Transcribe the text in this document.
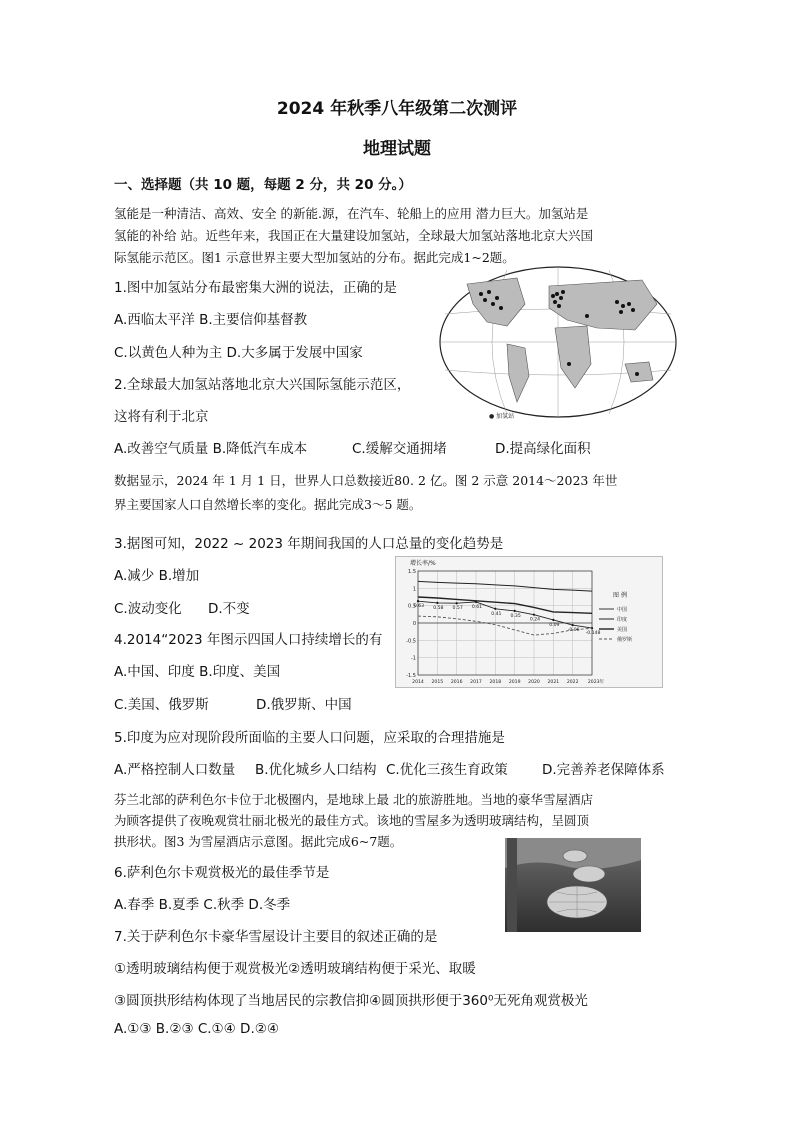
2024 年秋季八年级第二次测评
地理试题
一、选择题（共 10 题，每题 2 分，共 20 分。）
氢能是一种清洁、高效、安全 的新能.源，在汽车、轮船上的应用 潜力巨大。加氢站是
氢能的补给 站。近些年来，我国正在大量建设加氢站，全球最大加氢站落地北京大兴国
际氢能示范区。图1 示意世界主要大型加氢站的分布。据此完成1~2题。
● 加氢站
1.图中加氢站分布最密集大洲的说法，正确的是
A.西临太平洋 B.主要信仰基督教
C.以黄色人种为主 D.大多属于发展中国家
2.全球最大加氢站落地北京大兴国际氢能示范区，
这将有利于北京
A.改善空气质量 B.降低汽车成本	C.缓解交通拥堵	D.提高绿化面积
数据显示，2024 年 1 月 1 日，世界人口总数接近80. 2 亿。图 2 示意 2014～2023 年世
界主要国家人口自然增长率的变化。据此完成3～5 题。
3.据图可知，2022 ~ 2023 年期间我国的人口总量的变化趋势是
A.减少 B.增加
C.波动变化 D.不变
1.5
1
0.5
0
-0.5
-1
-1.5
增长率/%
2014 2015 2016 2017 2018 2019 2020 2021 2022 2023年
0.63 0.58 0.57 0.61
0.41 0.35
0.24
0.09
-0.06
-0.148
图 例
中国
印度
美国
俄罗斯
4.2014“2023 年图示四国人口持续增长的有
A.中国、印度 B.印度、美国
C.美国、俄罗斯	D.俄罗斯、中国
5.印度为应对现阶段所面临的主要人口问题，应采取的合理措施是
A.严格控制人口数量 B.优化城乡人口结构 C.优化三孩生育政策	D.完善养老保障体系
芬兰北部的萨利色尔卡位于北极圈内，是地球上最 北的旅游胜地。当地的豪华雪屋酒店
为顾客提供了夜晚观赏壮丽北极光的最佳方式。该地的雪屋多为透明玻璃结构，呈圆顶
拱形状。图3 为雪屋酒店示意图。据此完成6~7题。
6.萨利色尔卡观赏极光的最佳季节是
A.春季 B.夏季 C.秋季 D.冬季
7.关于萨利色尔卡豪华雪屋设计主要目的叙述正确的是
①透明玻璃结构便于观赏极光②透明玻璃结构便于采光、取暖
③圆顶拱形结构体现了当地居民的宗教信抑④圆顶拱形便于360⁰无死角观赏极光
A.①③ B.②③ C.①④ D.②④
